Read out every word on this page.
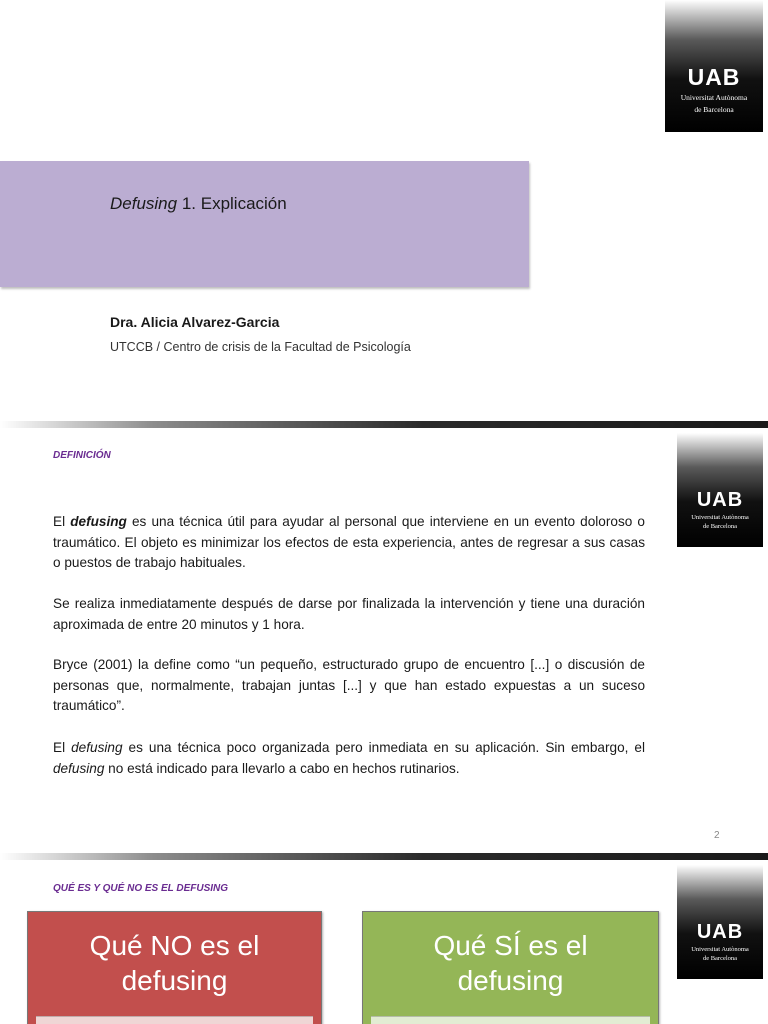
UAB
Universitat Autònoma
de Barcelona
Defusing 1. Explicación
Dra. Alicia Alvarez-Garcia
UTCCB / Centro de crisis de la Facultad de Psicología
UAB
Universitat Autònoma
de Barcelona
DEFINICIÓN

El defusing es una técnica útil para ayudar al personal que interviene en un evento doloroso o traumático. El objeto es minimizar los efectos de esta experiencia, antes de regresar a sus casas o puestos de trabajo habituales.

Se realiza inmediatamente después de darse por finalizada la intervención y tiene una duración aproximada de entre 20 minutos y 1 hora.

Bryce (2001) la define como “un pequeño, estructurado grupo de encuentro [...] o discusión de personas que, normalmente, trabajan juntas [...] y que han estado expuestas a un suceso traumático”.

El defusing es una técnica poco organizada pero inmediata en su aplicación. Sin embargo, el defusing no está indicado para llevarlo a cabo en hechos rutinarios.

2
UAB
Universitat Autònoma
de Barcelona
QUÉ ES Y QUÉ NO ES EL DEFUSING
Qué NO es el
defusing
Qué SÍ es el
defusing
